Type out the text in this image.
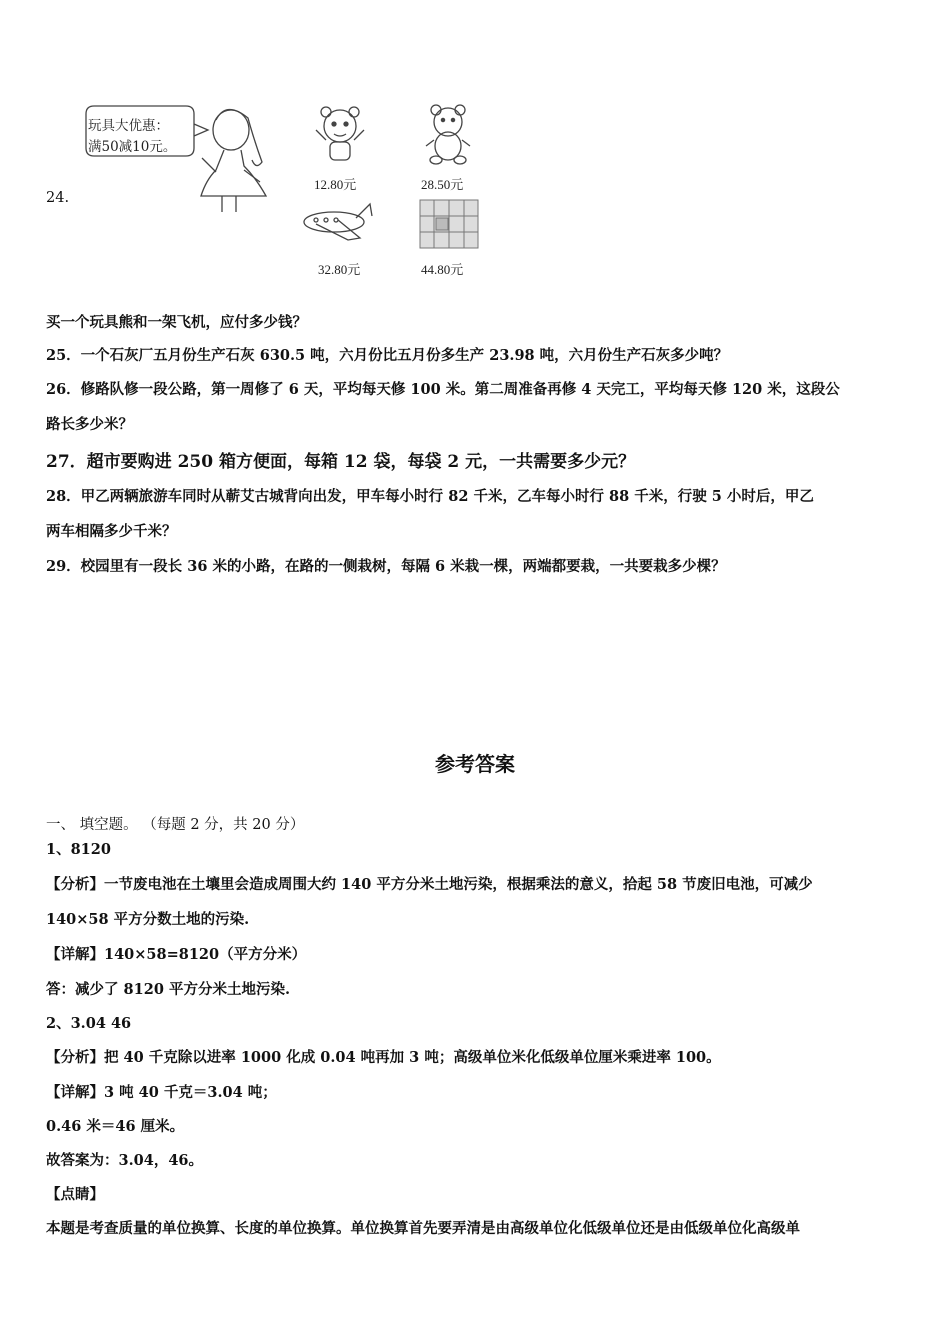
24.
玩具大优惠：
满50减10元。
12.80元	28.50元
32.80元	44.80元
买一个玩具熊和一架飞机，应付多少钱？
25．一个石灰厂五月份生产石灰 630.5 吨，六月份比五月份多生产 23.98 吨，六月份生产石灰多少吨？
26．修路队修一段公路，第一周修了 6 天，平均每天修 100 米。第二周准备再修 4 天完工，平均每天修 120 米，这段公
路长多少米？
27．超市要购进 250 箱方便面，每箱 12 袋，每袋 2 元，一共需要多少元？
28．甲乙两辆旅游车同时从蕲艾古城背向出发，甲车每小时行 82 千米，乙车每小时行 88 千米，行驶 5 小时后，甲乙
两车相隔多少千米？
29．校园里有一段长 36 米的小路，在路的一侧栽树，每隔 6 米栽一棵，两端都要栽，一共要栽多少棵？
参考答案
一、 填空题。 （每题 2 分，共 20 分）
1、8120
【分析】一节废电池在土壤里会造成周围大约 140 平方分米土地污染，根据乘法的意义，拾起 58 节废旧电池，可减少
140×58 平方分数土地的污染.
【详解】140×58=8120（平方分米）
答：减少了 8120 平方分米土地污染.
2、3.04 46
【分析】把 40 千克除以进率 1000 化成 0.04 吨再加 3 吨；高级单位米化低级单位厘米乘进率 100。
【详解】3 吨 40 千克＝3.04 吨；
0.46 米＝46 厘米。
故答案为：3.04，46。
【点睛】
本题是考查质量的单位换算、长度的单位换算。单位换算首先要弄清是由高级单位化低级单位还是由低级单位化高级单
